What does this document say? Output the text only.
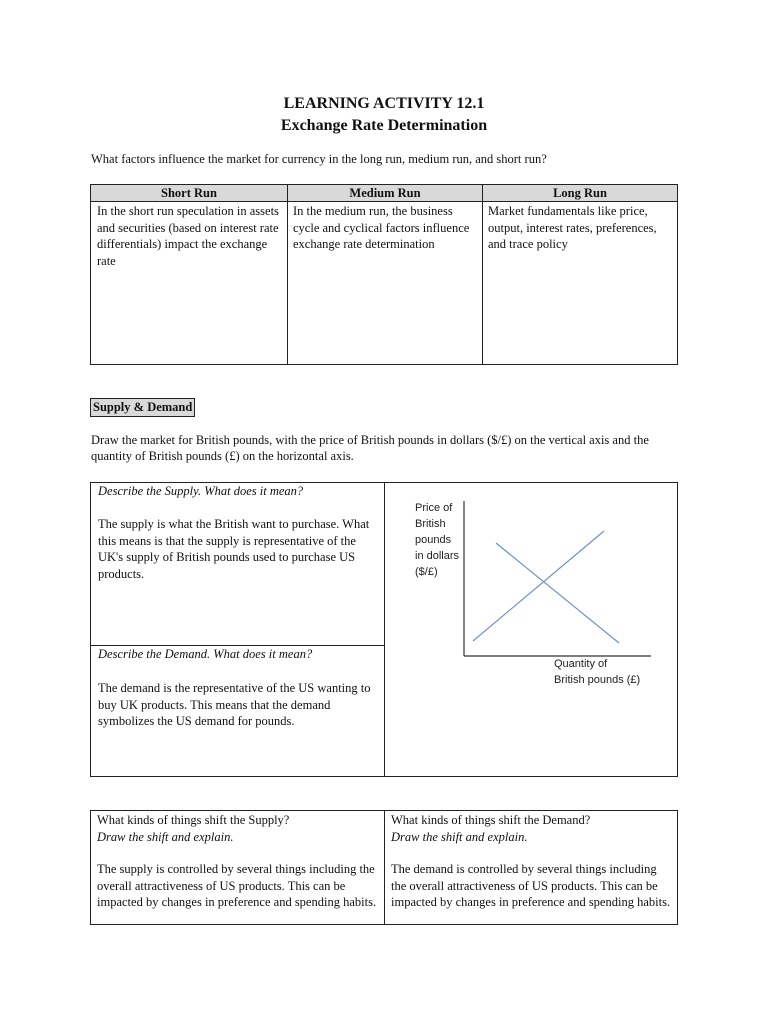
LEARNING ACTIVITY 12.1
Exchange Rate Determination
What factors influence the market for currency in the long run, medium run, and short run?
Short Run	Medium Run	Long Run
In the short run speculation in assets and securities (based on interest rate differentials) impact the exchange rate
In the medium run, the business cycle and cyclical factors influence exchange rate determination
Market fundamentals like price, output, interest rates, preferences, and trace policy
Supply & Demand
Draw the market for British pounds, with the price of British pounds in dollars ($/£) on the vertical axis and the quantity of British pounds (£) on the horizontal axis.
Describe the Supply. What does it mean?
The supply is what the British want to purchase. What this means is that the supply is representative of the UK's supply of British pounds used to purchase US products.
Describe the Demand. What does it mean?
The demand is the representative of the US wanting to buy UK products. This means that the demand symbolizes the US demand for pounds.
Price of
British
pounds
in dollars
($/£)
Quantity of
British pounds (£)
What kinds of things shift the Supply?
Draw the shift and explain.
The supply is controlled by several things including the overall attractiveness of US products. This can be impacted by changes in preference and spending habits.
What kinds of things shift the Demand?
Draw the shift and explain.
The demand is controlled by several things including the overall attractiveness of US products. This can be impacted by changes in preference and spending habits.
